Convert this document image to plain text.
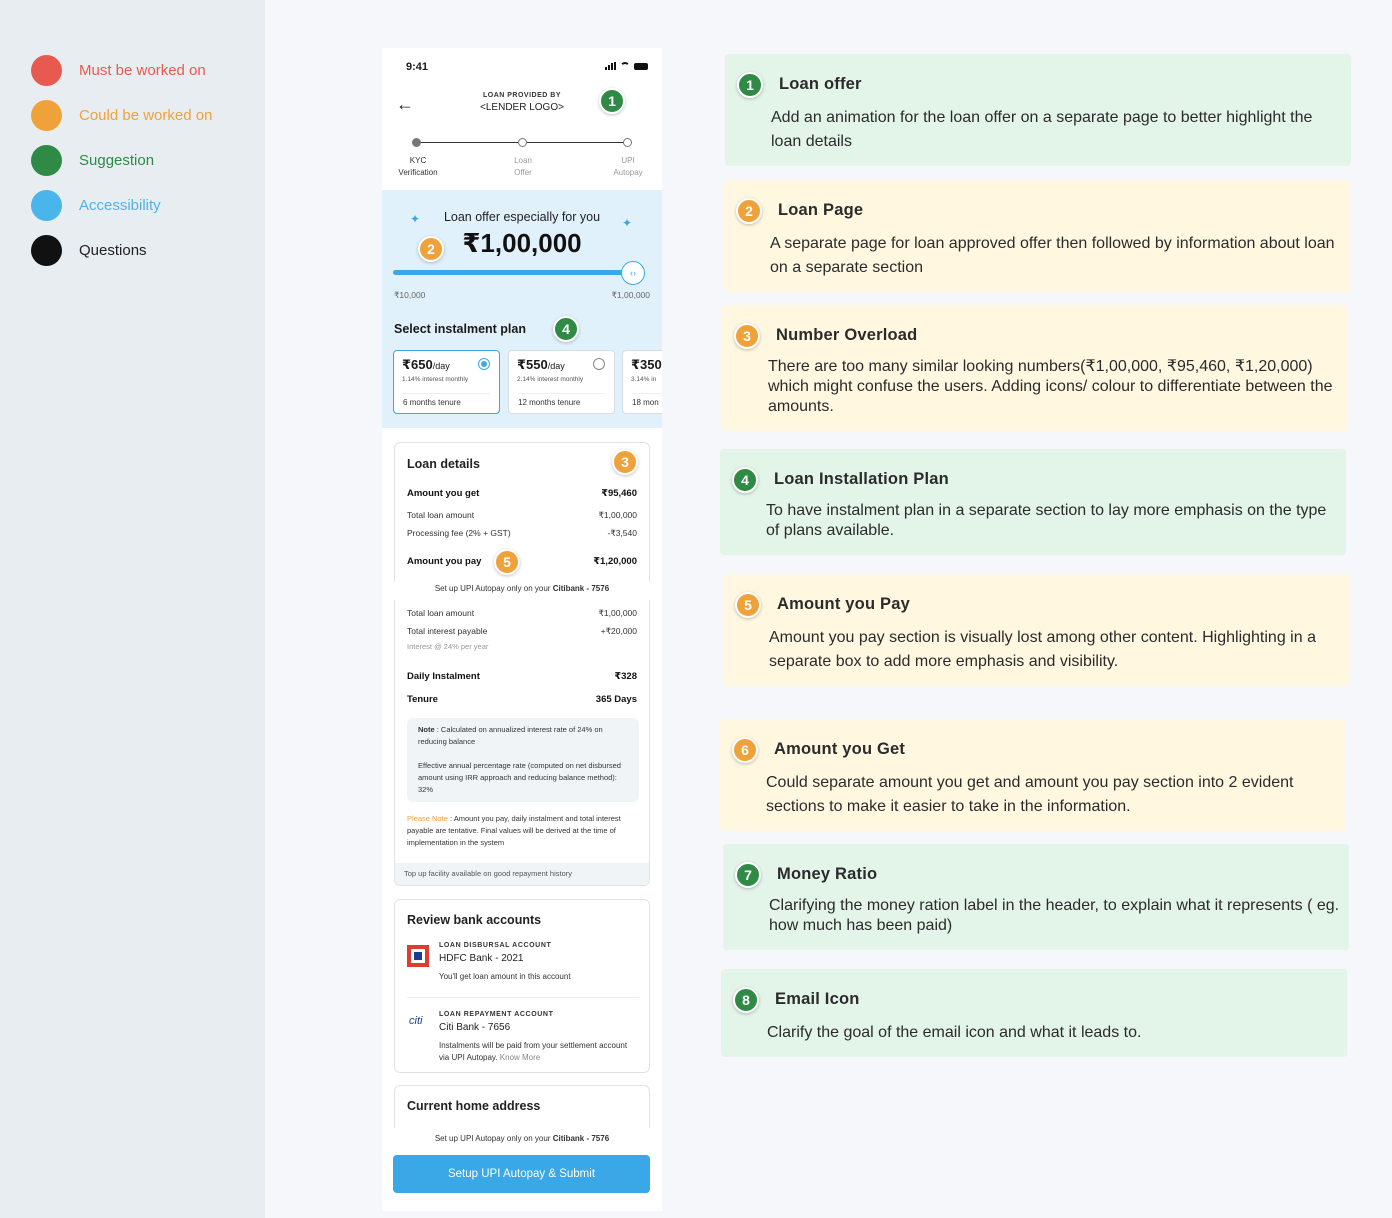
Must be worked on
Could be worked on
Suggestion
Accessibility
Questions
9:41
←	LOAN PROVIDED BY
<LENDER LOGO>	1
KYC
Verification
Loan
Offer
UPI
Autopay
✦	✦
Loan offer especially for you
₹1,00,000
2
‹›
₹10,000	₹1,00,000
Select instalment plan	4
₹650/day
1.14% interest monthly
6 months tenure
₹550/day
2.14% interest monthly
12 months tenure
₹350
3.14% in
18 mon
Loan details	3
Amount you get	₹95,460
Total loan amount	₹1,00,000
Processing fee (2% + GST)	-₹3,540
Amount you pay	₹1,20,000
5
Total loan amount	₹1,00,000
Total interest payable	+₹20,000
Interest @ 24% per year
Daily Instalment	₹328
Tenure	365 Days
Note : Calculated on annualized interest rate of 24% on reducing balance

Effective annual percentage rate (computed on net disbursed amount using IRR approach and reducing balance method): 32%
Please Note : Amount you pay, daily instalment and total interest payable are tentative. Final values will be derived at the time of implementation in the system
Top up facility available on good repayment history
Set up UPI Autopay only on your Citibank - 7576
Review bank accounts
LOAN DISBURSAL ACCOUNT
HDFC Bank - 2021
You'll get loan amount in this account
citi
LOAN REPAYMENT ACCOUNT
Citi Bank - 7656
Instalments will be paid from your settlement account via UPI Autopay. Know More
Current home address
Set up UPI Autopay only on your Citibank - 7576
Setup UPI Autopay & Submit
1	Loan offer
Add an animation for the loan offer on a separate page to better highlight the loan details
2	Loan Page
A separate page for loan approved offer then followed by information about loan on a separate section
3	Number Overload
There are too many similar looking numbers(₹1,00,000, ₹95,460, ₹1,20,000) which might confuse the users. Adding icons/ colour to differentiate between the amounts.
4	Loan Installation Plan
To have instalment plan in a separate section to lay more emphasis on the type of plans available.
5	Amount you Pay
Amount you pay section is visually lost among other content. Highlighting in a separate box to add more emphasis and visibility.
6	Amount you Get
Could separate amount you get and amount you pay section into 2 evident sections to make it easier to take in the information.
7	Money Ratio
Clarifying the money ration label in the header, to explain what it represents ( eg. how much has been paid)
8	Email Icon
Clarify the goal of the email icon and what it leads to.
